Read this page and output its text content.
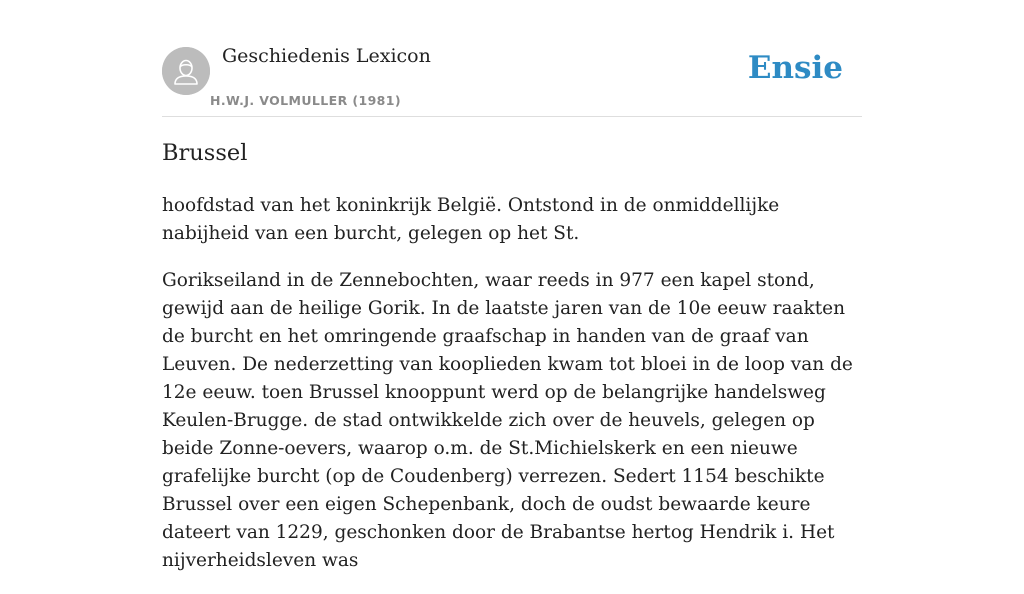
Geschiedenis Lexicon
H.W.J. VOLMULLER (1981)
Ensie
Brussel

hoofdstad van het koninkrijk België. Ontstond in de onmiddellijke nabijheid van een burcht, gelegen op het St.

Gorikseiland in de Zennebochten, waar reeds in 977 een kapel stond, gewijd aan de heilige Gorik. In de laatste jaren van de 10e eeuw raakten de burcht en het omringende graafschap in handen van de graaf van Leuven. De nederzetting van kooplieden kwam tot bloei in de loop van de 12e eeuw. toen Brussel knooppunt werd op de belangrijke handelsweg Keulen-Brugge. de stad ontwikkelde zich over de heuvels, gelegen op beide Zonne-oevers, waarop o.m. de St.Michielskerk en een nieuwe grafelijke burcht (op de Coudenberg) verrezen. Sedert 1154 beschikte Brussel over een eigen Schepenbank, doch de oudst bewaarde keure dateert van 1229, geschonken door de Brabantse hertog Hendrik i. Het nijverheidsleven was
